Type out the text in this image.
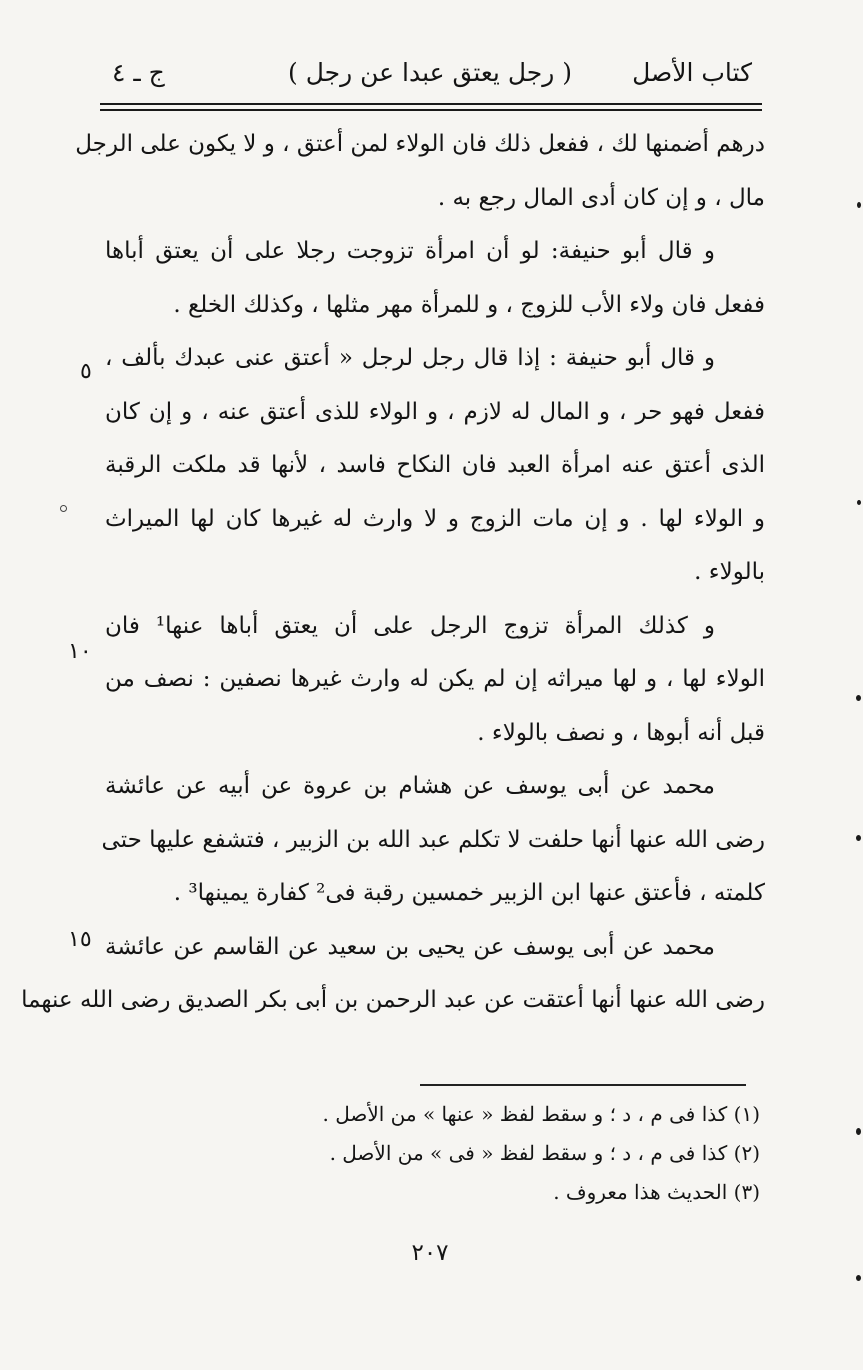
كتاب الأصل
( رجل يعتق عبدا عن رجل )
ج ـ ٤
درهم أضمنها لك ، ففعل ذلك فان الولاء لمن أعتق ، و لا يكون على الرجل
مال ، و إن كان أدى المال رجع به .
و قال أبو حنيفة: لو أن امرأة تزوجت رجلا على أن يعتق أباها
ففعل فان ولاء الأب للزوج ، و للمرأة مهر مثلها ، وكذلك الخلع .
و قال أبو حنيفة : إذا قال رجل لرجل « أعتق عنى عبدك بألف ،
ففعل فهو حر ، و المال له لازم ، و الولاء للذى أعتق عنه ، و إن كان
الذى أعتق عنه امرأة العبد فان النكاح فاسد ، لأنها قد ملكت الرقبة
و الولاء لها . و إن مات الزوج و لا وارث له غيرها كان لها الميراث
بالولاء .
و كذلك المرأة تزوج الرجل على أن يعتق أباها عنها¹ فان
الولاء لها ، و لها ميراثه إن لم يكن له وارث غيرها نصفين : نصف من
قبل أنه أبوها ، و نصف بالولاء .
محمد عن أبى يوسف عن هشام بن عروة عن أبيه عن عائشة
رضى الله عنها أنها حلفت لا تكلم عبد الله بن الزبير ، فتشفع عليها حتى
كلمته ، فأعتق عنها ابن الزبير خمسين رقبة فى² كفارة يمينها³ .
محمد عن أبى يوسف عن يحيى بن سعيد عن القاسم عن عائشة
رضى الله عنها أنها أعتقت عن عبد الرحمن بن أبى بكر الصديق رضى الله عنهما
٥
١٠
١٥
(١) كذا فى م ، د ؛ و سقط لفظ « عنها » من الأصل .
(٢) كذا فى م ، د ؛ و سقط لفظ « فى » من الأصل .
(٣) الحديث هذا معروف .
٢٠٧
